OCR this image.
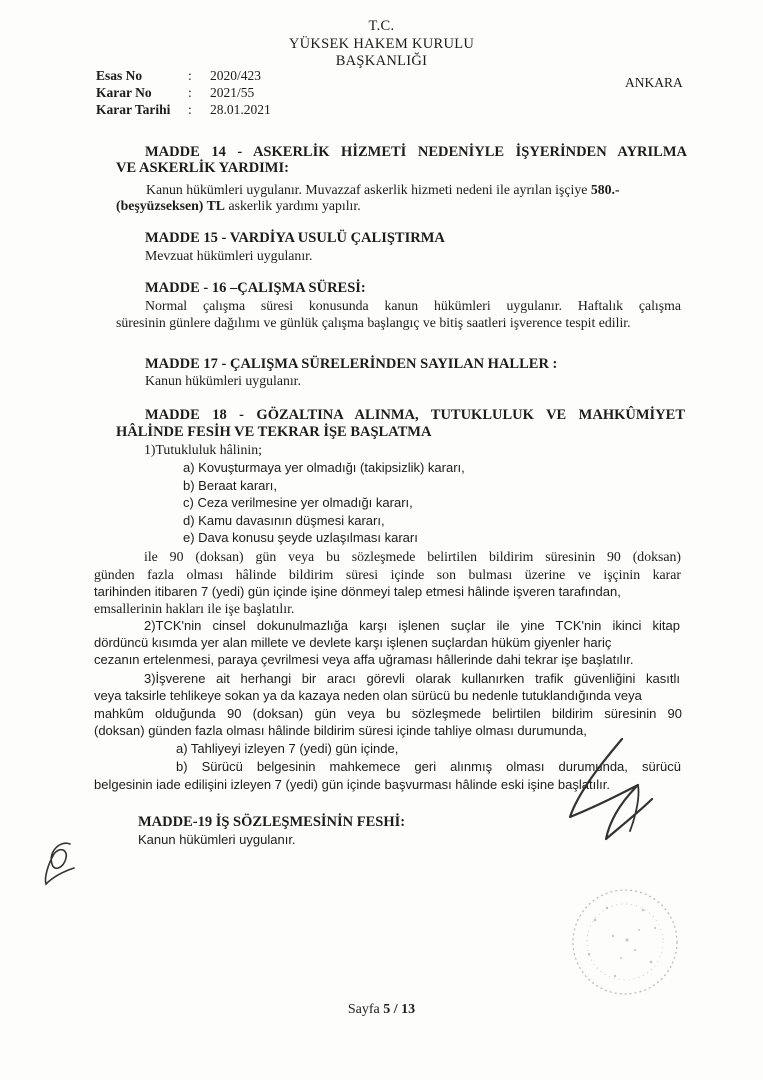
T.C.
YÜKSEK HAKEM KURULU
BAŞKANLIĞI
Esas No	:	2020/423
Karar No	:	2021/55
Karar Tarihi	:	28.01.2021
ANKARA
MADDE 14 - ASKERLİK HİZMETİ NEDENİYLE İŞYERİNDEN AYRILMA
VE ASKERLİK YARDIMI:
Kanun hükümleri uygulanır. Muvazzaf askerlik hizmeti nedeni ile ayrılan işçiye 580.-
(beşyüzseksen) TL askerlik yardımı yapılır.
MADDE 15 - VARDİYA USULÜ ÇALIŞTIRMA
Mevzuat hükümleri uygulanır.
MADDE - 16 –ÇALIŞMA SÜRESİ:
Normal çalışma süresi konusunda kanun hükümleri uygulanır. Haftalık çalışma
süresinin günlere dağılımı ve günlük çalışma başlangıç ve bitiş saatleri işverence tespit edilir.
MADDE 17 - ÇALIŞMA SÜRELERİNDEN SAYILAN HALLER :
Kanun hükümleri uygulanır.
MADDE 18 - GÖZALTINA ALINMA, TUTUKLULUK VE MAHKÛMİYET
HÂLİNDE FESİH VE TEKRAR İŞE BAŞLATMA
1)Tutukluluk hâlinin;
a) Kovuşturmaya yer olmadığı (takipsizlik) kararı,
b) Beraat kararı,
c) Ceza verilmesine yer olmadığı kararı,
d) Kamu davasının düşmesi kararı,
e) Dava konusu şeyde uzlaşılması kararı
ile 90 (doksan) gün veya bu sözleşmede belirtilen bildirim süresinin 90 (doksan)
günden fazla olması hâlinde bildirim süresi içinde son bulması üzerine ve işçinin karar
tarihinden itibaren 7 (yedi) gün içinde işine dönmeyi talep etmesi hâlinde işveren tarafından,
emsallerinin hakları ile işe başlatılır.
2)TCK'nin cinsel dokunulmazlığa karşı işlenen suçlar ile yine TCK'nin ikinci kitap
dördüncü kısımda yer alan millete ve devlete karşı işlenen suçlardan hüküm giyenler hariç
cezanın ertelenmesi, paraya çevrilmesi veya affa uğraması hâllerinde dahi tekrar işe başlatılır.
3)İşverene ait herhangi bir aracı görevli olarak kullanırken trafik güvenliğini kasıtlı
veya taksirle tehlikeye sokan ya da kazaya neden olan sürücü bu nedenle tutuklandığında veya
mahkûm olduğunda 90 (doksan) gün veya bu sözleşmede belirtilen bildirim süresinin 90
(doksan) günden fazla olması hâlinde bildirim süresi içinde tahliye olması durumunda,
a) Tahliyeyi izleyen 7 (yedi) gün içinde,
b) Sürücü belgesinin mahkemece geri alınmış olması durumunda, sürücü
belgesinin iade edilişini izleyen 7 (yedi) gün içinde başvurması hâlinde eski işine başlatılır.
MADDE-19 İŞ SÖZLEŞMESİNİN FESHİ:
Kanun hükümleri uygulanır.
Sayfa 5 / 13
